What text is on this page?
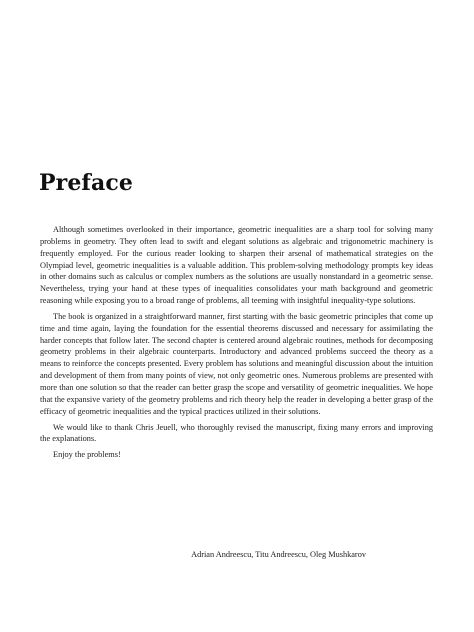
Preface

Although sometimes overlooked in their importance, geometric inequalities are a sharp tool for solving many problems in geometry. They often lead to swift and elegant solutions as algebraic and trigonometric machinery is frequently employed. For the curious reader looking to sharpen their arsenal of mathematical strategies on the Olympiad level, geometric inequalities is a valuable addition. This problem-solving methodology prompts key ideas in other domains such as calculus or complex numbers as the solutions are usually nonstandard in a geometric sense. Nevertheless, trying your hand at these types of inequalities consolidates your math background and geometric reasoning while exposing you to a broad range of problems, all teeming with insightful inequality-type solutions.

The book is organized in a straightforward manner, first starting with the basic geometric principles that come up time and time again, laying the foundation for the essential theorems discussed and necessary for assimilating the harder concepts that follow later. The second chapter is centered around algebraic routines, methods for decomposing geometry problems in their algebraic counterparts. Introductory and advanced problems succeed the theory as a means to reinforce the concepts presented. Every problem has solutions and meaningful discussion about the intuition and development of them from many points of view, not only geometric ones. Numerous problems are presented with more than one solution so that the reader can better grasp the scope and versatility of geometric inequalities. We hope that the expansive variety of the geometry problems and rich theory help the reader in developing a better grasp of the efficacy of geometric inequalities and the typical practices utilized in their solutions.

We would like to thank Chris Jeuell, who thoroughly revised the manuscript, fixing many errors and improving the explanations.

Enjoy the problems!

Adrian Andreescu, Titu Andreescu, Oleg Mushkarov
